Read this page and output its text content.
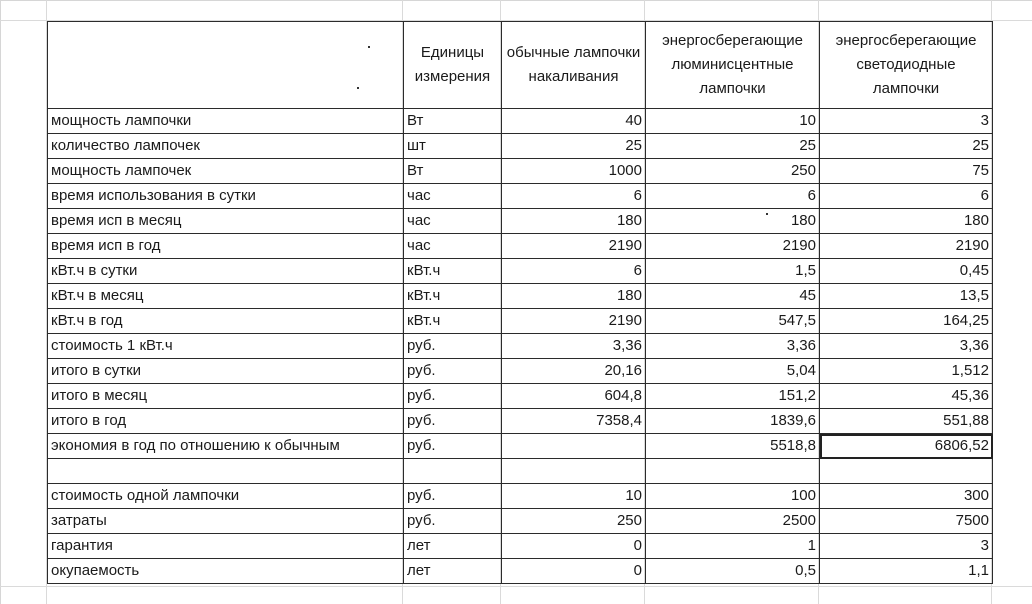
	Единицы измерения	обычные лампочки накаливания	энергосберегающие люминисцентные лампочки	энергосберегающие светодиодные лампочки
мощность лампочки	Вт	40	10	3
количество лампочек	шт	25	25	25
мощность лампочек	Вт	1000	250	75
время использования в сутки	час	6	6	6
время исп в месяц	час	180	180	180
время исп в год	час	2190	2190	2190
кВт.ч в сутки	кВт.ч	6	1,5	0,45
кВт.ч в месяц	кВт.ч	180	45	13,5
кВт.ч в год	кВт.ч	2190	547,5	164,25
стоимость 1 кВт.ч	руб.	3,36	3,36	3,36
итого в сутки	руб.	20,16	5,04	1,512
итого в месяц	руб.	604,8	151,2	45,36
итого в год	руб.	7358,4	1839,6	551,88
экономия в год по отношению к обычным	руб.		5518,8	6806,52

стоимость одной лампочки	руб.	10	100	300
затраты	руб.	250	2500	7500
гарантия	лет	0	1	3
окупаемость	лет	0	0,5	1,1
